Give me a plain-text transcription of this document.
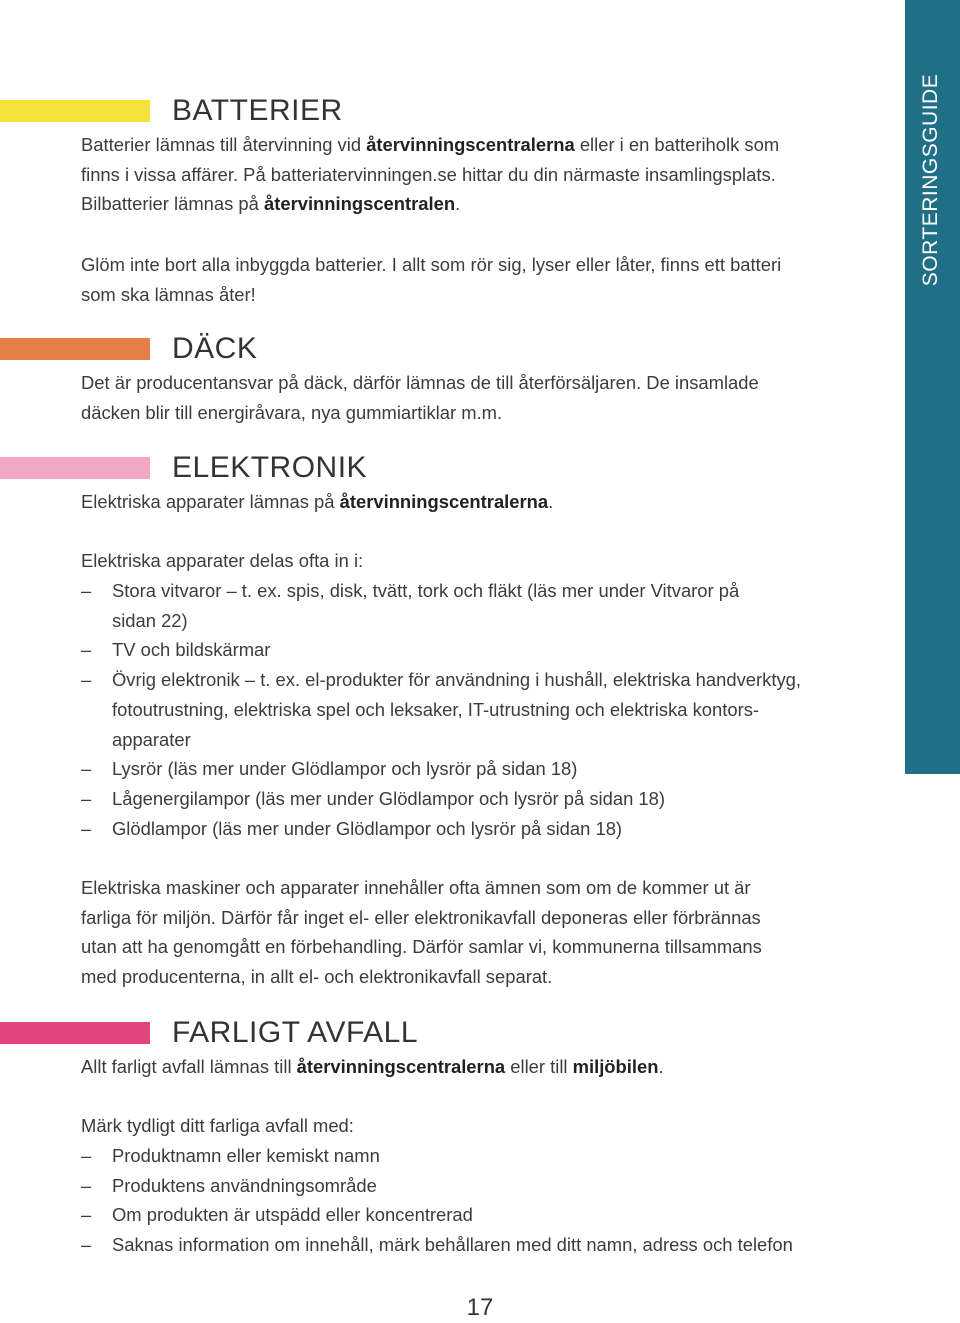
SORTERINGSGUIDE
BATTERIER
Batterier lämnas till återvinning vid återvinningscentralerna eller i en batteriholk som
finns i vissa affärer. På batteriatervinningen.se hittar du din närmaste insamlingsplats.
Bilbatterier lämnas på återvinningscentralen.
Glöm inte bort alla inbyggda batterier. I allt som rör sig, lyser eller låter, finns ett batteri
som ska lämnas åter!
DÄCK
Det är producentansvar på däck, därför lämnas de till återförsäljaren. De insamlade
däcken blir till energiråvara, nya gummiartiklar m.m.
ELEKTRONIK
Elektriska apparater lämnas på återvinningscentralerna.
Elektriska apparater delas ofta in i:
– Stora vitvaror – t. ex. spis, disk, tvätt, tork och fläkt (läs mer under Vitvaror på
sidan 22)
– TV och bildskärmar
– Övrig elektronik – t. ex. el-produkter för användning i hushåll, elektriska handverktyg,
fotoutrustning, elektriska spel och leksaker, IT-utrustning och elektriska kontors-
apparater
– Lysrör (läs mer under Glödlampor och lysrör på sidan 18)
– Lågenergilampor (läs mer under Glödlampor och lysrör på sidan 18)
– Glödlampor (läs mer under Glödlampor och lysrör på sidan 18)
Elektriska maskiner och apparater innehåller ofta ämnen som om de kommer ut är
farliga för miljön. Därför får inget el- eller elektronikavfall deponeras eller förbrännas
utan att ha genomgått en förbehandling. Därför samlar vi, kommunerna tillsammans
med producenterna, in allt el- och elektronikavfall separat.
FARLIGT AVFALL
Allt farligt avfall lämnas till återvinningscentralerna eller till miljöbilen.
Märk tydligt ditt farliga avfall med:
– Produktnamn eller kemiskt namn
– Produktens användningsområde
– Om produkten är utspädd eller koncentrerad
– Saknas information om innehåll, märk behållaren med ditt namn, adress och telefon
17
